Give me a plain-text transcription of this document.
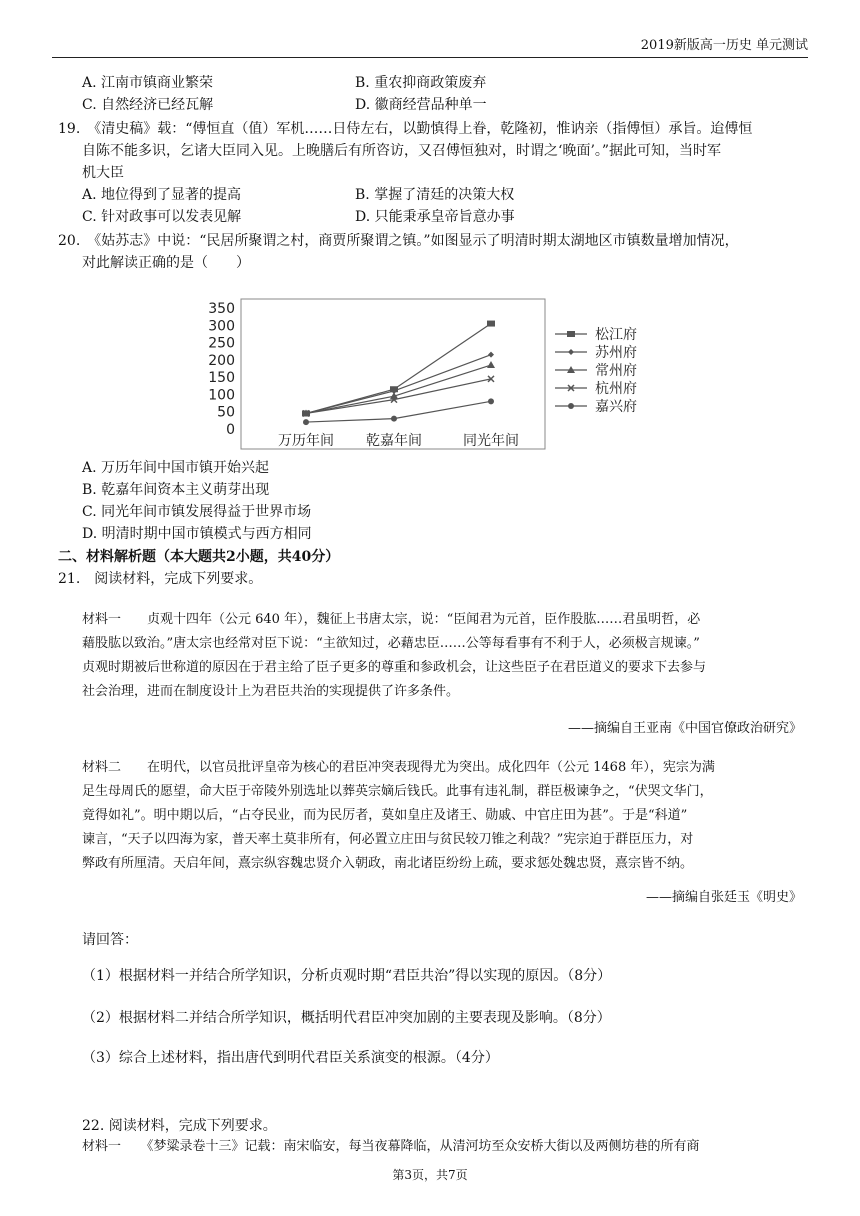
2019新版高一历史 单元测试
A. 江南市镇商业繁荣	B. 重农抑商政策废弃
C. 自然经济已经瓦解	D. 徽商经营品种单一
19.　《清史稿》载：“傅恒直（值）军机……日侍左右，以勤慎得上眷，乾隆初，惟讷亲（指傅恒）承旨。迨傅恒
自陈不能多识，乞诸大臣同入见。上晚膳后有所咨访，又召傅恒独对，时谓之‘晚面’。”据此可知，当时军
机大臣
A. 地位得到了显著的提高	B. 掌握了清廷的决策大权
C. 针对政事可以发表见解	D. 只能秉承皇帝旨意办事
20.　《姑苏志》中说：“民居所聚谓之村，商贾所聚谓之镇。”如图显示了明清时期太湖地区市镇数量增加情况，
对此解读正确的是（　　）
0
50
100
150
200
250
300
350
万历年间 乾嘉年间	同光年间
松江府
苏州府
常州府
杭州府
嘉兴府
A. 万历年间中国市镇开始兴起
B. 乾嘉年间资本主义萌芽出现
C. 同光年间市镇发展得益于世界市场
D. 明清时期中国市镇模式与西方相同
二、材料解析题（本大题共2小题，共40分）
21.　阅读材料，完成下列要求。
材料一　　贞观十四年（公元 640 年），魏征上书唐太宗，说：“臣闻君为元首，臣作股肱……君虽明哲，必
藉股肱以致治。”唐太宗也经常对臣下说：“主欲知过，必藉忠臣……公等每看事有不利于人，必须极言规谏。”
贞观时期被后世称道的原因在于君主给了臣子更多的尊重和参政机会，让这些臣子在君臣道义的要求下去参与
社会治理，进而在制度设计上为君臣共治的实现提供了许多条件。
——摘编自王亚南《中国官僚政治研究》
材料二　　在明代，以官员批评皇帝为核心的君臣冲突表现得尤为突出。成化四年（公元 1468 年），宪宗为满
足生母周氏的愿望，命大臣于帝陵外别选址以葬英宗嫡后钱氏。此事有违礼制，群臣极谏争之，“伏哭文华门，
竟得如礼”。明中期以后，“占夺民业，而为民厉者，莫如皇庄及诸王、勋戚、中官庄田为甚”。于是“科道”
谏言，“天子以四海为家，普天率土莫非所有，何必置立庄田与贫民较刀锥之利哉？”宪宗迫于群臣压力，对
弊政有所厘清。天启年间，熹宗纵容魏忠贤介入朝政，南北诸臣纷纷上疏，要求惩处魏忠贤，熹宗皆不纳。
——摘编自张廷玉《明史》
请回答：
（1）根据材料一并结合所学知识，分析贞观时期“君臣共治”得以实现的原因。（8分）
（2）根据材料二并结合所学知识，概括明代君臣冲突加剧的主要表现及影响。（8分）
（3）综合上述材料，指出唐代到明代君臣关系演变的根源。（4分）
22. 阅读材料，完成下列要求。
材料一　　《梦粱录卷十三》记载：南宋临安，每当夜幕降临，从清河坊至众安桥大街以及两侧坊巷的所有商
第3页，共7页
